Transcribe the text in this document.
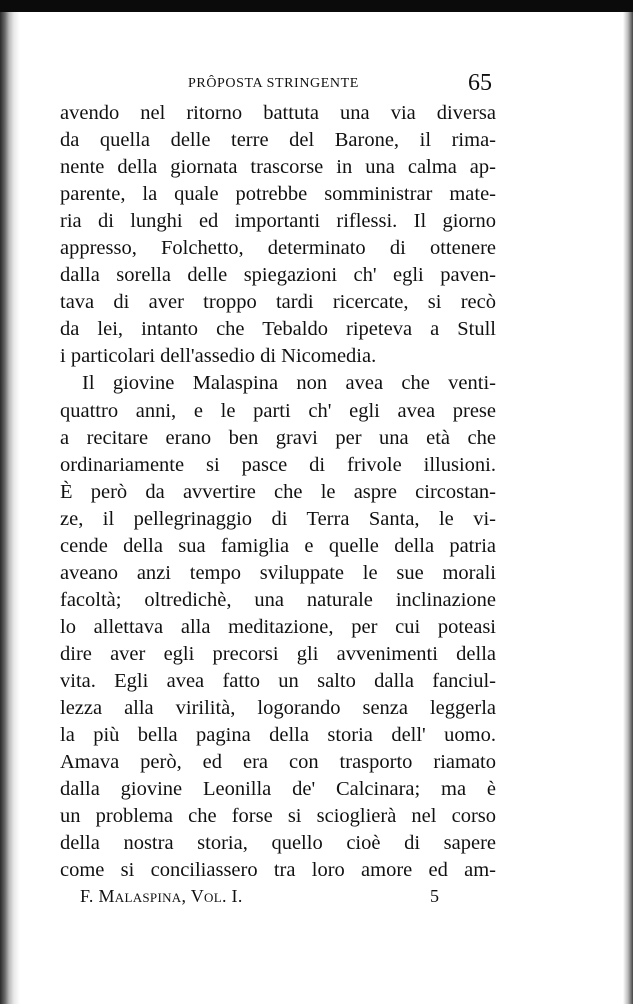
PRÔPOSTA STRINGENTE	65
avendo nel ritorno battuta una via diversa
da quella delle terre del Barone, il rima-
nente della giornata trascorse in una calma ap-
parente, la quale potrebbe somministrar mate-
ria di lunghi ed importanti riflessi. Il giorno
appresso, Folchetto, determinato di ottenere
dalla sorella delle spiegazioni ch' egli paven-
tava di aver troppo tardi ricercate, si recò
da lei, intanto che Tebaldo ripeteva a Stull
i particolari dell'assedio di Nicomedia.
Il giovine Malaspina non avea che venti-
quattro anni, e le parti ch' egli avea prese
a recitare erano ben gravi per una età che
ordinariamente si pasce di frivole illusioni.
È però da avvertire che le aspre circostan-
ze, il pellegrinaggio di Terra Santa, le vi-
cende della sua famiglia e quelle della patria
aveano anzi tempo sviluppate le sue morali
facoltà; oltredichè, una naturale inclinazione
lo allettava alla meditazione, per cui poteasi
dire aver egli precorsi gli avvenimenti della
vita. Egli avea fatto un salto dalla fanciul-
lezza alla virilità, logorando senza leggerla
la più bella pagina della storia dell' uomo.
Amava però, ed era con trasporto riamato
dalla giovine Leonilla de' Calcinara; ma è
un problema che forse si scioglierà nel corso
della nostra storia, quello cioè di sapere
come si conciliassero tra loro amore ed am-
F. Malaspina, Vol. I.	5
